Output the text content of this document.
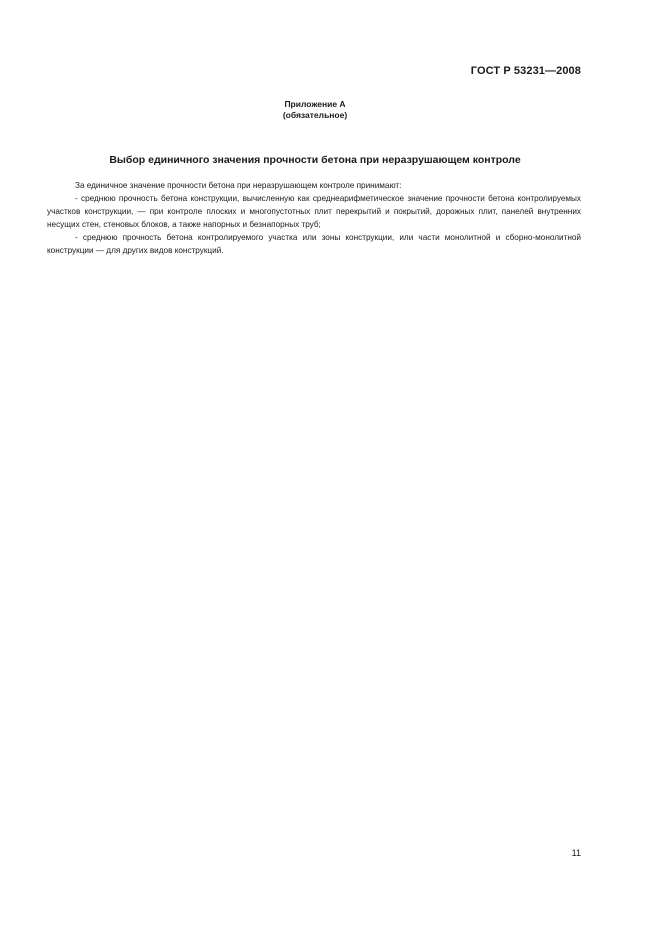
ГОСТ Р 53231—2008
Приложение А
(обязательное)
Выбор единичного значения прочности бетона при неразрушающем контроле

За единичное значение прочности бетона при неразрушающем контроле принимают:

- среднюю прочность бетона конструкции, вычисленную как среднеарифметическое значение прочности бетона контролируемых участков конструкции, — при контроле плоских и многопустотных плит перекрытий и покрытий, дорожных плит, панелей внутренних несущих стен, стеновых блоков, а также напорных и безнапорных труб;

- среднюю прочность бетона контролируемого участка или зоны конструкции, или части монолитной и сборно-монолитной конструкции — для других видов конструкций.

11
